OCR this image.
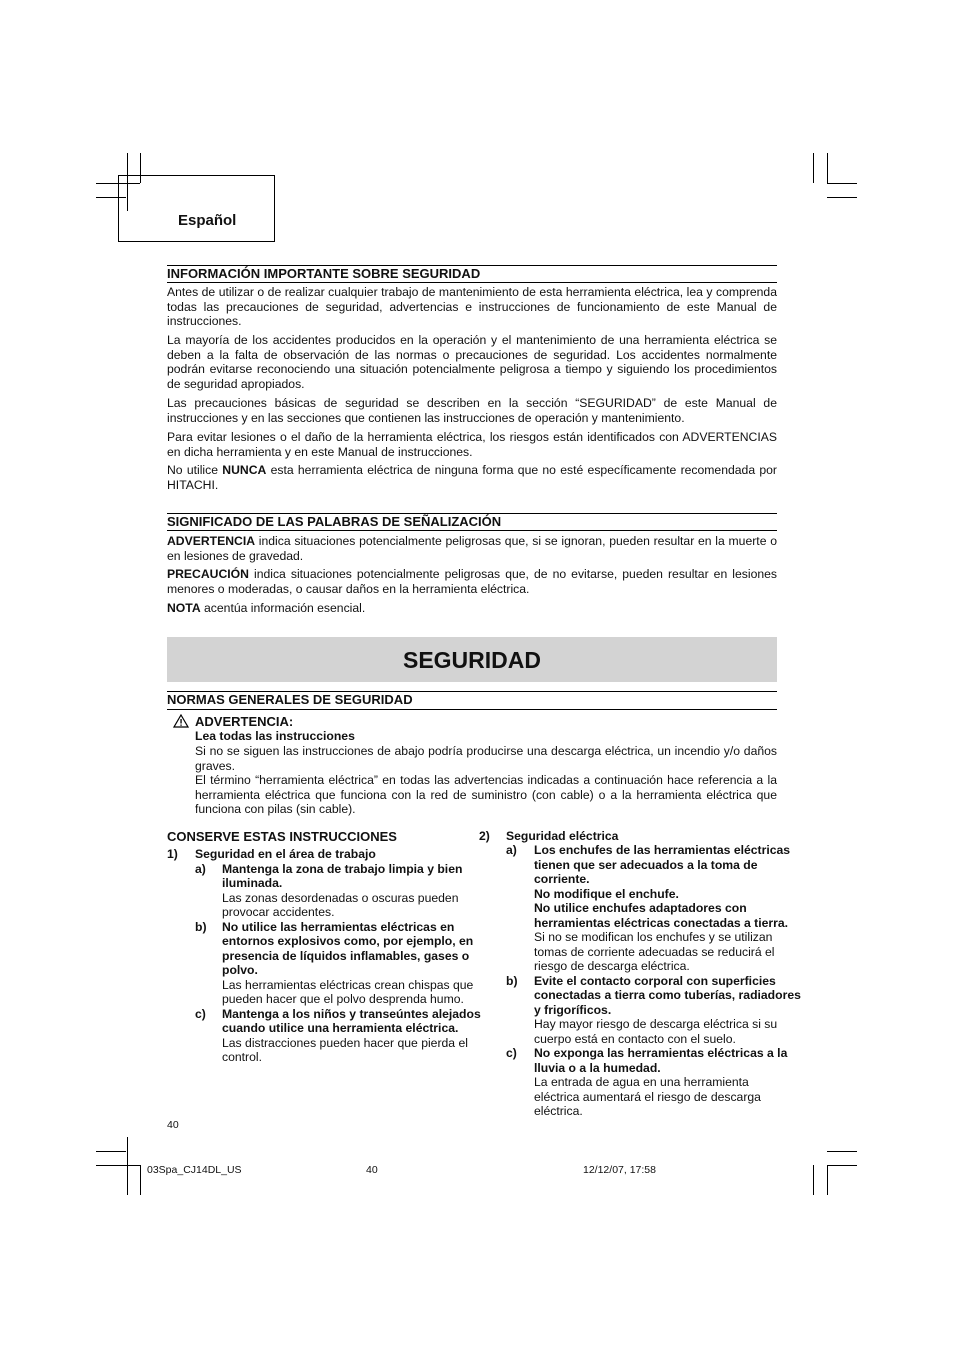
Español
INFORMACIÓN IMPORTANTE SOBRE SEGURIDAD
Antes de utilizar o de realizar cualquier trabajo de mantenimiento de esta herramienta eléctrica, lea y comprenda todas las precauciones de seguridad, advertencias e instrucciones de funcionamiento de este Manual de instrucciones.
La mayoría de los accidentes producidos en la operación y el mantenimiento de una herramienta eléctrica se deben a la falta de observación de las normas o precauciones de seguridad. Los accidentes normalmente podrán evitarse reconociendo una situación potencialmente peligrosa a tiempo y siguiendo los procedimientos de seguridad apropiados.
Las precauciones básicas de seguridad se describen en la sección “SEGURIDAD” de este Manual de instrucciones y en las secciones que contienen las instrucciones de operación y mantenimiento.
Para evitar lesiones o el daño de la herramienta eléctrica, los riesgos están identificados con ADVERTENCIAS en dicha herramienta y en este Manual de instrucciones.
No utilice NUNCA esta herramienta eléctrica de ninguna forma que no esté específicamente recomendada por HITACHI.
SIGNIFICADO DE LAS PALABRAS DE SEÑALIZACIÓN
ADVERTENCIA indica situaciones potencialmente peligrosas que, si se ignoran, pueden resultar en la muerte o en lesiones de gravedad.
PRECAUCIÓN indica situaciones potencialmente peligrosas que, de no evitarse, pueden resultar en lesiones menores o moderadas, o causar daños en la herramienta eléctrica.
NOTA acentúa información esencial.
SEGURIDAD
NORMAS GENERALES DE SEGURIDAD
ADVERTENCIA:
Lea todas las instrucciones
Si no se siguen las instrucciones de abajo podría producirse una descarga eléctrica, un incendio y/o daños graves.
El término “herramienta eléctrica” en todas las advertencias indicadas a continuación hace referencia a la herramienta eléctrica que funciona con la red de suministro (con cable) o a la herramienta eléctrica que funciona con pilas (sin cable).
CONSERVE ESTAS INSTRUCCIONES
1) Seguridad en el área de trabajo
a) Mantenga la zona de trabajo limpia y bien
iluminada.
Las zonas desordenadas o oscuras pueden
provocar accidentes.
b) No utilice las herramientas eléctricas en
entornos explosivos como, por ejemplo, en
presencia de líquidos inflamables, gases o
polvo.
Las herramientas eléctricas crean chispas que
pueden hacer que el polvo desprenda humo.
c) Mantenga a los niños y transeúntes alejados
cuando utilice una herramienta eléctrica.
Las distracciones pueden hacer que pierda el
control.
2) Seguridad eléctrica
a) Los enchufes de las herramientas eléctricas
tienen que ser adecuados a la toma de
corriente.
No modifique el enchufe.
No utilice enchufes adaptadores con
herramientas eléctricas conectadas a tierra.
Si no se modifican los enchufes y se utilizan
tomas de corriente adecuadas se reducirá el
riesgo de descarga eléctrica.
b) Evite el contacto corporal con superficies
conectadas a tierra como tuberías, radiadores
y frigoríficos.
Hay mayor riesgo de descarga eléctrica si su
cuerpo está en contacto con el suelo.
c) No exponga las herramientas eléctricas a la
lluvia o a la humedad.
La entrada de agua en una herramienta
eléctrica aumentará el riesgo de descarga
eléctrica.
40
03Spa_CJ14DL_US	40	12/12/07, 17:58
